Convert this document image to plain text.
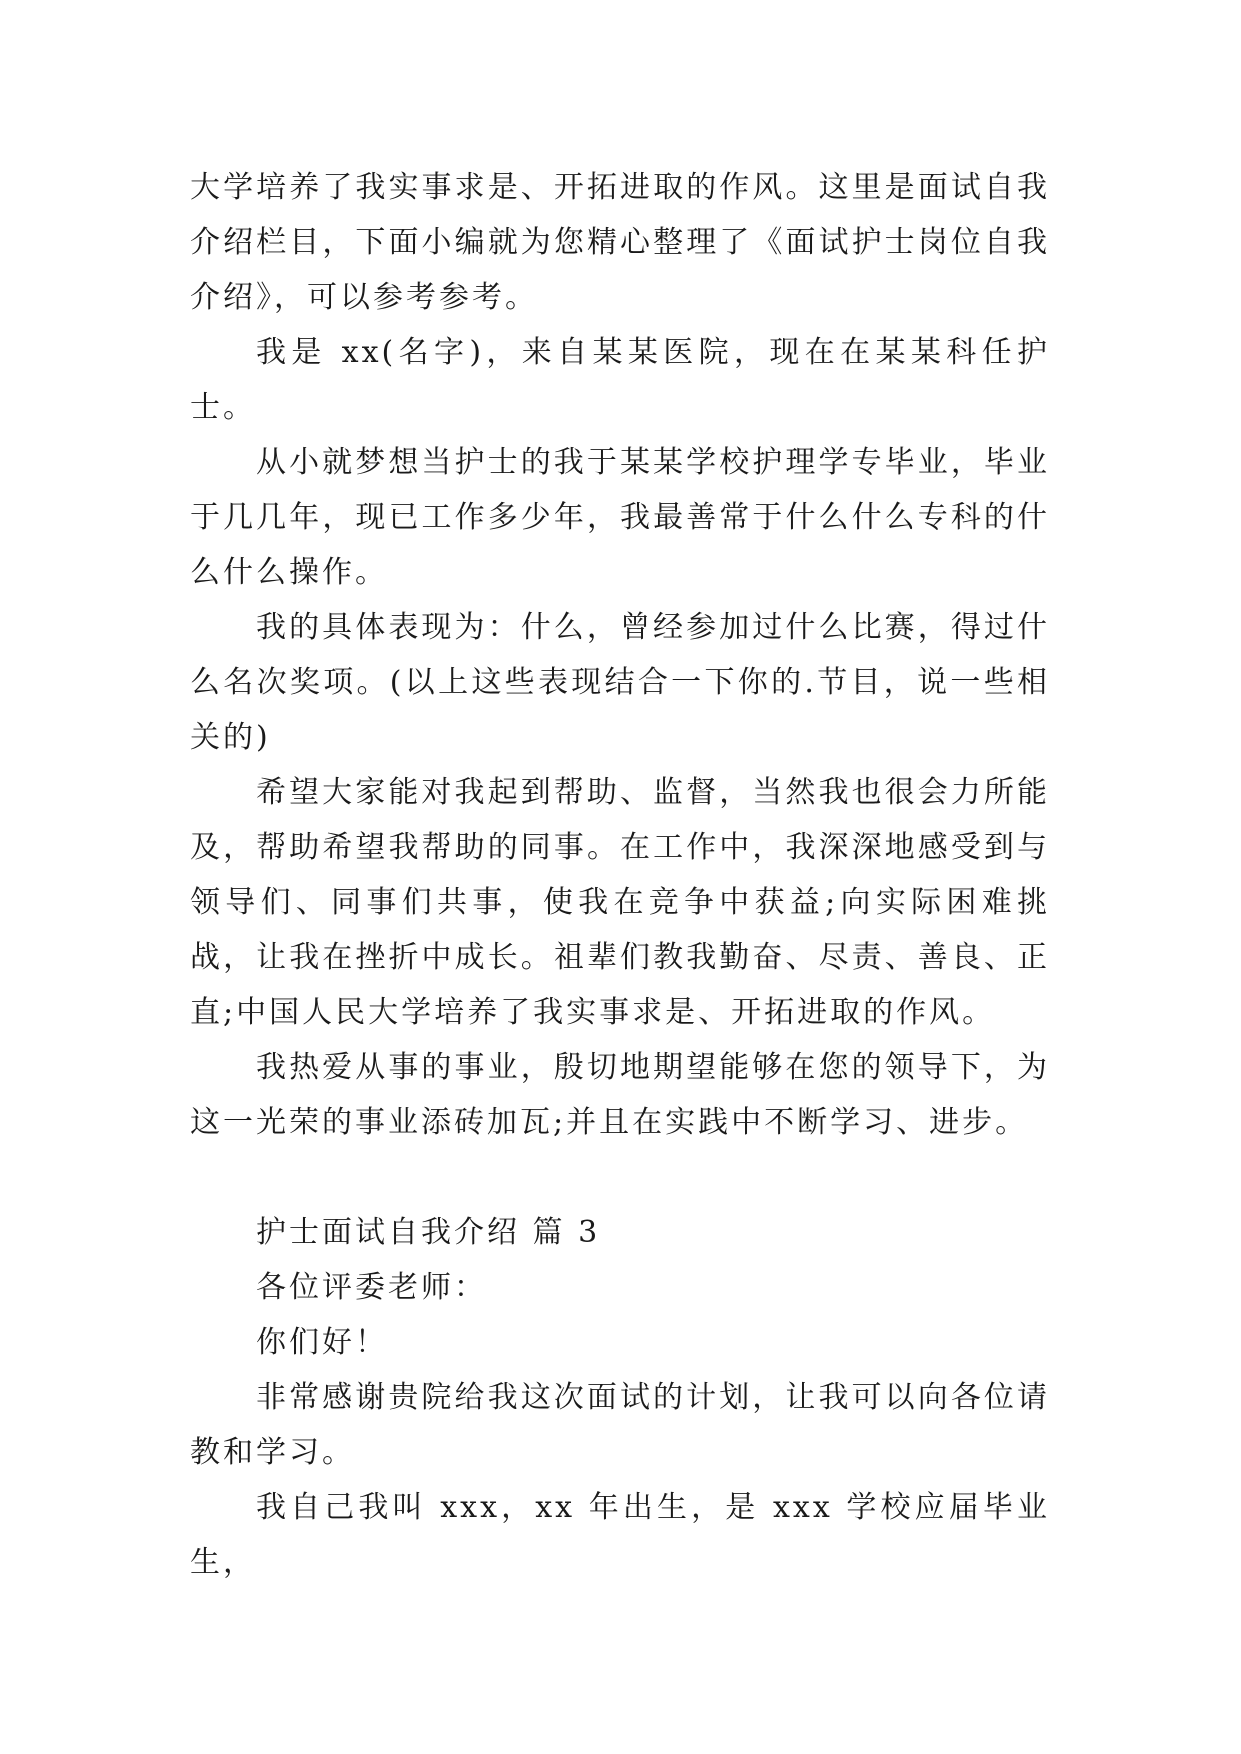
大学培养了我实事求是、开拓进取的作风。这里是面试自我介绍栏目，下面小编就为您精心整理了《面试护士岗位自我介绍》，可以参考参考。

我是 xx(名字)，来自某某医院，现在在某某科任护士。

从小就梦想当护士的我于某某学校护理学专毕业，毕业于几几年，现已工作多少年，我最善常于什么什么专科的什么什么操作。

我的具体表现为：什么，曾经参加过什么比赛，得过什么名次奖项。(以上这些表现结合一下你的.节目，说一些相关的)

希望大家能对我起到帮助、监督，当然我也很会力所能及，帮助希望我帮助的同事。在工作中，我深深地感受到与领导们、同事们共事，使我在竞争中获益;向实际困难挑战，让我在挫折中成长。祖辈们教我勤奋、尽责、善良、正直;中国人民大学培养了我实事求是、开拓进取的作风。

我热爱从事的事业，殷切地期望能够在您的领导下，为这一光荣的事业添砖加瓦;并且在实践中不断学习、进步。

护士面试自我介绍 篇 3

各位评委老师：

你们好！

非常感谢贵院给我这次面试的计划，让我可以向各位请教和学习。

我自己我叫 xxx，xx 年出生，是 xxx 学校应届毕业生，
